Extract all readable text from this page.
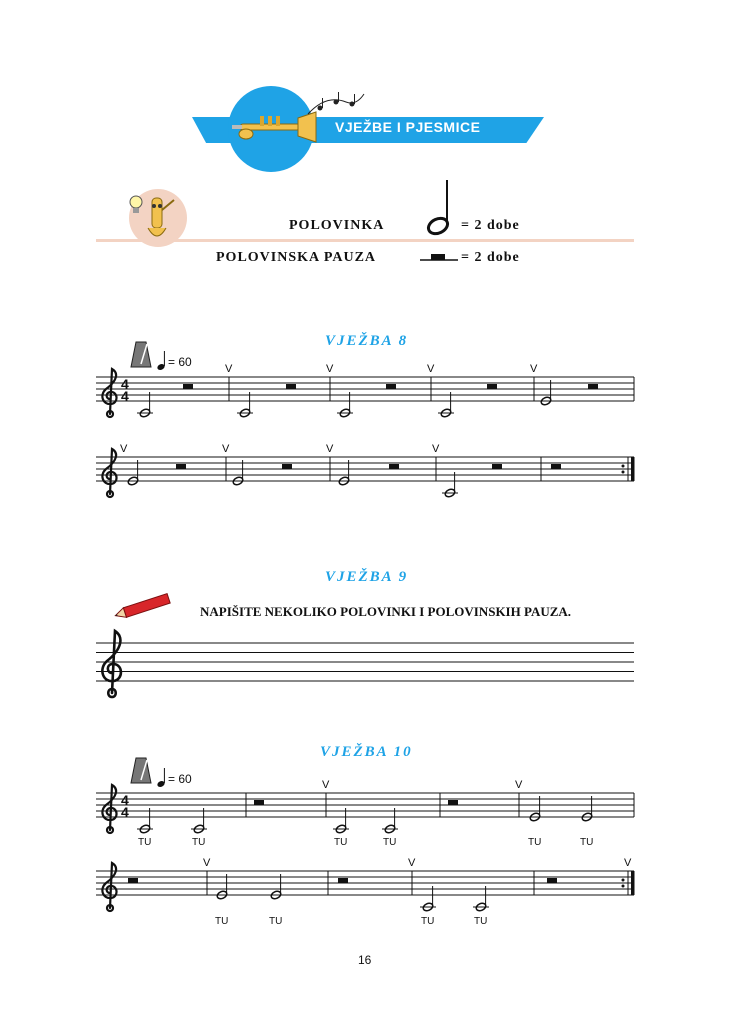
VJEŽBE I PJESMICE
POLOVINKA	= 2 dobe
POLOVINSKA PAUZA	= 2 dobe
VJEŽBA 8
= 60
4
4
V	V	V	V
V	V	V	V
VJEŽBA 9
NAPIŠITE NEKOLIKO POLOVINKI I POLOVINSKIH PAUZA.
VJEŽBA 10
= 60
4
4
TU	TU
V
TU	TU
V
TU	TU
V
TU	TU
V
TU	TU
V
16
